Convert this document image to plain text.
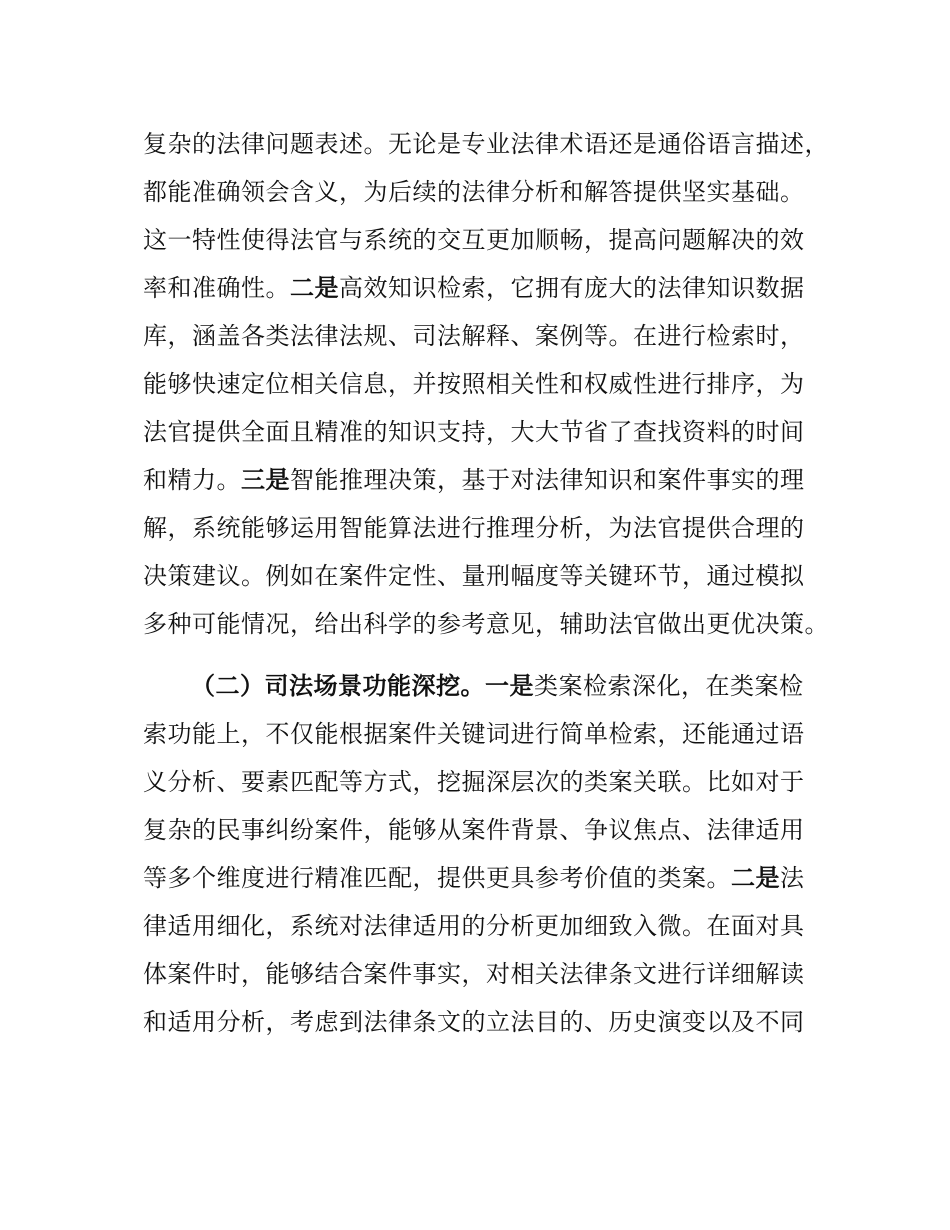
复杂的法律问题表述。无论是专业法律术语还是通俗语言描述，
都能准确领会含义，为后续的法律分析和解答提供坚实基础。
这一特性使得法官与系统的交互更加顺畅，提高问题解决的效
率和准确性。二是高效知识检索，它拥有庞大的法律知识数据
库，涵盖各类法律法规、司法解释、案例等。在进行检索时，
能够快速定位相关信息，并按照相关性和权威性进行排序，为
法官提供全面且精准的知识支持，大大节省了查找资料的时间
和精力。三是智能推理决策，基于对法律知识和案件事实的理
解，系统能够运用智能算法进行推理分析，为法官提供合理的
决策建议。例如在案件定性、量刑幅度等关键环节，通过模拟
多种可能情况，给出科学的参考意见，辅助法官做出更优决策。
（二）司法场景功能深挖。一是类案检索深化，在类案检
索功能上，不仅能根据案件关键词进行简单检索，还能通过语
义分析、要素匹配等方式，挖掘深层次的类案关联。比如对于
复杂的民事纠纷案件，能够从案件背景、争议焦点、法律适用
等多个维度进行精准匹配，提供更具参考价值的类案。二是法
律适用细化，系统对法律适用的分析更加细致入微。在面对具
体案件时，能够结合案件事实，对相关法律条文进行详细解读
和适用分析，考虑到法律条文的立法目的、历史演变以及不同
